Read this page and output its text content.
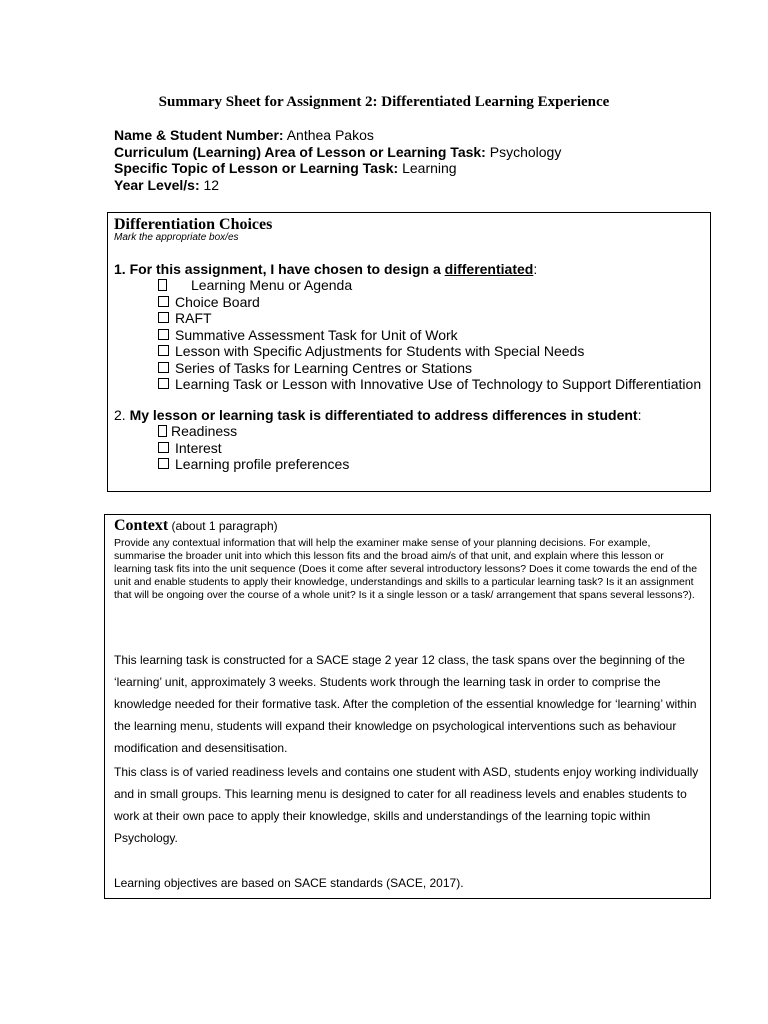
Summary Sheet for Assignment 2: Differentiated Learning Experience
Name & Student Number: Anthea Pakos
Curriculum (Learning) Area of Lesson or Learning Task: Psychology
Specific Topic of Lesson or Learning Task: Learning
Year Level/s: 12
Differentiation Choices
Mark the appropriate box/es
1. For this assignment, I have chosen to design a differentiated:
Learning Menu or Agenda
Choice Board
RAFT
Summative Assessment Task for Unit of Work
Lesson with Specific Adjustments for Students with Special Needs
Series of Tasks for Learning Centres or Stations
Learning Task or Lesson with Innovative Use of Technology to Support Differentiation
2. My lesson or learning task is differentiated to address differences in student:
Readiness
Interest
Learning profile preferences
Context (about 1 paragraph)
Provide any contextual information that will help the examiner make sense of your planning decisions. For example, summarise the broader unit into which this lesson fits and the broad aim/s of that unit, and explain where this lesson or learning task fits into the unit sequence (Does it come after several introductory lessons? Does it come towards the end of the unit and enable students to apply their knowledge, understandings and skills to a particular learning task? Is it an assignment that will be ongoing over the course of a whole unit? Is it a single lesson or a task/ arrangement that spans several lessons?).
This learning task is constructed for a SACE stage 2 year 12 class, the task spans over the beginning of the ‘learning’ unit, approximately 3 weeks. Students work through the learning task in order to comprise the knowledge needed for their formative task. After the completion of the essential knowledge for ‘learning’ within the learning menu, students will expand their knowledge on psychological interventions such as behaviour modification and desensitisation.
This class is of varied readiness levels and contains one student with ASD, students enjoy working individually and in small groups. This learning menu is designed to cater for all readiness levels and enables students to work at their own pace to apply their knowledge, skills and understandings of the learning topic within Psychology.
Learning objectives are based on SACE standards (SACE, 2017).
